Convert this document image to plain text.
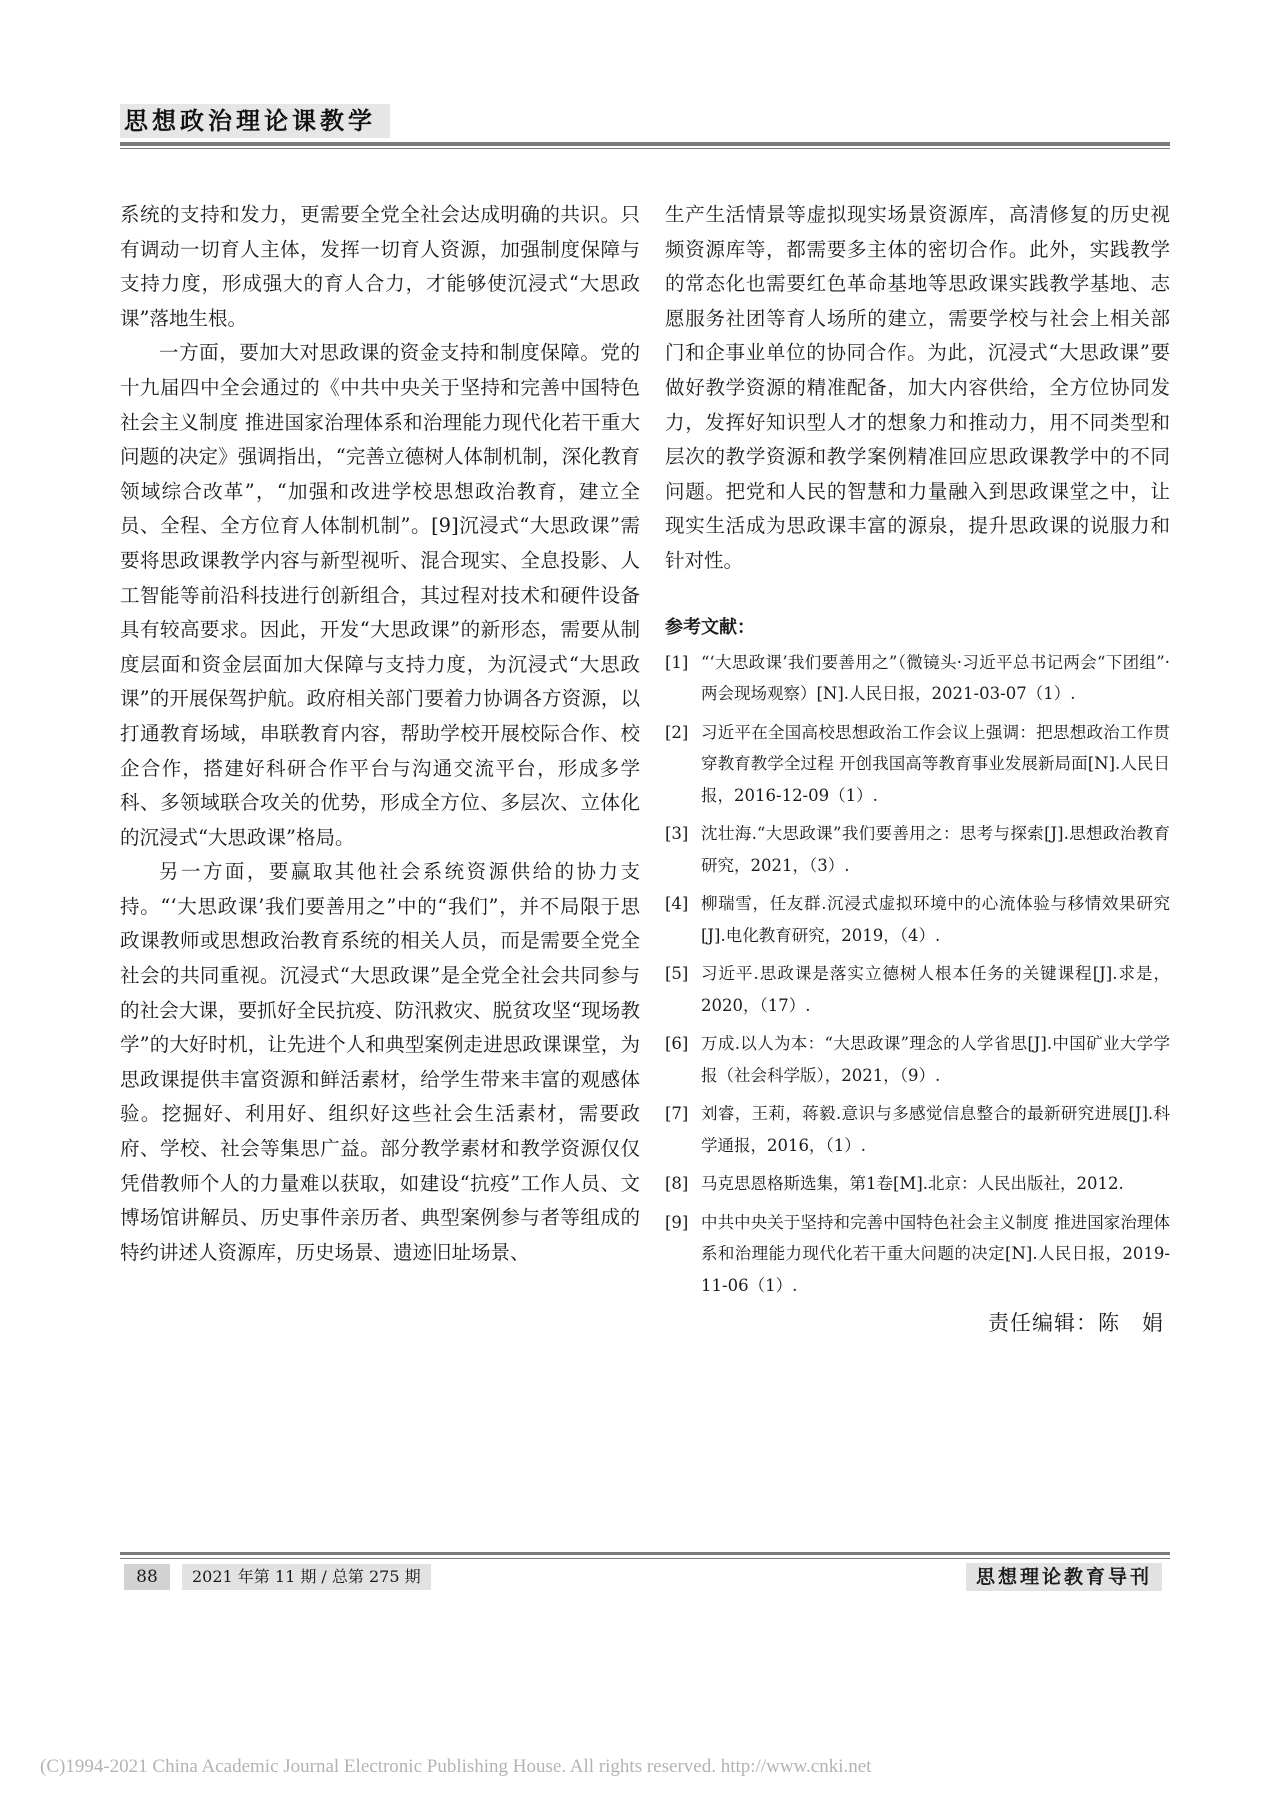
思想政治理论课教学

系统的支持和发力，更需要全党全社会达成明确的共识。只有调动一切育人主体，发挥一切育人资源，加强制度保障与支持力度，形成强大的育人合力，才能够使沉浸式“大思政课”落地生根。

一方面，要加大对思政课的资金支持和制度保障。党的十九届四中全会通过的《中共中央关于坚持和完善中国特色社会主义制度 推进国家治理体系和治理能力现代化若干重大问题的决定》强调指出，“完善立德树人体制机制，深化教育领域综合改革”，“加强和改进学校思想政治教育，建立全员、全程、全方位育人体制机制”。[9]沉浸式“大思政课”需要将思政课教学内容与新型视听、混合现实、全息投影、人工智能等前沿科技进行创新组合，其过程对技术和硬件设备具有较高要求。因此，开发“大思政课”的新形态，需要从制度层面和资金层面加大保障与支持力度，为沉浸式“大思政课”的开展保驾护航。政府相关部门要着力协调各方资源，以打通教育场域，串联教育内容，帮助学校开展校际合作、校企合作，搭建好科研合作平台与沟通交流平台，形成多学科、多领域联合攻关的优势，形成全方位、多层次、立体化的沉浸式“大思政课”格局。

另一方面，要赢取其他社会系统资源供给的协力支持。“‘大思政课’我们要善用之”中的“我们”，并不局限于思政课教师或思想政治教育系统的相关人员，而是需要全党全社会的共同重视。沉浸式“大思政课”是全党全社会共同参与的社会大课，要抓好全民抗疫、防汛救灾、脱贫攻坚“现场教学”的大好时机，让先进个人和典型案例走进思政课课堂，为思政课提供丰富资源和鲜活素材，给学生带来丰富的观感体验。挖掘好、利用好、组织好这些社会生活素材，需要政府、学校、社会等集思广益。部分教学素材和教学资源仅仅凭借教师个人的力量难以获取，如建设“抗疫”工作人员、文博场馆讲解员、历史事件亲历者、典型案例参与者等组成的特约讲述人资源库，历史场景、遗迹旧址场景、

生产生活情景等虚拟现实场景资源库，高清修复的历史视频资源库等，都需要多主体的密切合作。此外，实践教学的常态化也需要红色革命基地等思政课实践教学基地、志愿服务社团等育人场所的建立，需要学校与社会上相关部门和企事业单位的协同合作。为此，沉浸式“大思政课”要做好教学资源的精准配备，加大内容供给，全方位协同发力，发挥好知识型人才的想象力和推动力，用不同类型和层次的教学资源和教学案例精准回应思政课教学中的不同问题。把党和人民的智慧和力量融入到思政课堂之中，让现实生活成为思政课丰富的源泉，提升思政课的说服力和针对性。

参考文献：
[1] “‘大思政课’我们要善用之”（微镜头·习近平总书记两会“下团组”·两会现场观察）[N].人民日报，2021-03-07（1）.
[2] 习近平在全国高校思想政治工作会议上强调：把思想政治工作贯穿教育教学全过程 开创我国高等教育事业发展新局面[N].人民日报，2016-12-09（1）.
[3] 沈壮海.“大思政课”我们要善用之：思考与探索[J].思想政治教育研究，2021，（3）.
[4] 柳瑞雪，任友群.沉浸式虚拟环境中的心流体验与移情效果研究[J].电化教育研究，2019，（4）.
[5] 习近平.思政课是落实立德树人根本任务的关键课程[J].求是，2020，（17）.
[6] 万成.以人为本：“大思政课”理念的人学省思[J].中国矿业大学学报（社会科学版），2021，（9）.
[7] 刘睿，王莉，蒋毅.意识与多感觉信息整合的最新研究进展[J].科学通报，2016，（1）.
[8] 马克思恩格斯选集，第1卷[M].北京：人民出版社，2012.
[9] 中共中央关于坚持和完善中国特色社会主义制度 推进国家治理体系和治理能力现代化若干重大问题的决定[N].人民日报，2019-11-06（1）.
责任编辑：陈　娟
88	2021 年第 11 期 / 总第 275 期	思想理论教育导刊
(C)1994-2021 China Academic Journal Electronic Publishing House. All rights reserved. http://www.cnki.net
